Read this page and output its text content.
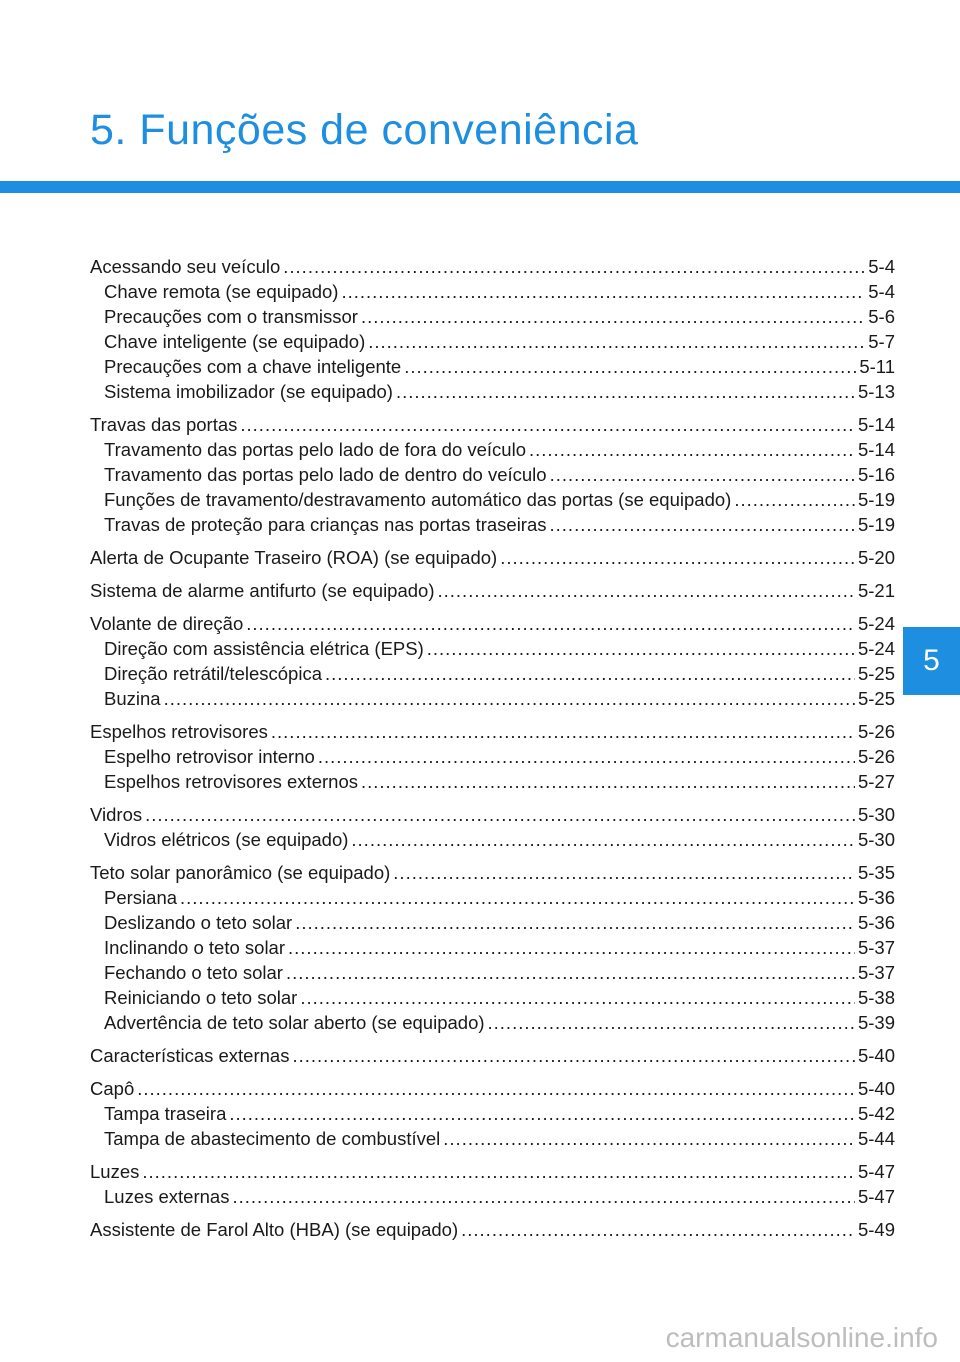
5. Funções de conveniência
5
Acessando seu veículo .....	5-4
Chave remota (se equipado) .....	5-4
Precauções com o transmissor .....	5-6
Chave inteligente (se equipado) .....	5-7
Precauções com a chave inteligente .....	5-11
Sistema imobilizador (se equipado) .....	5-13
Travas das portas .....	5-14
Travamento das portas pelo lado de fora do veículo .....	5-14
Travamento das portas pelo lado de dentro do veículo .....	5-16
Funções de travamento/destravamento automático das portas (se equipado) .....	5-19
Travas de proteção para crianças nas portas traseiras .....	5-19
Alerta de Ocupante Traseiro (ROA) (se equipado) .....	5-20
Sistema de alarme antifurto (se equipado) .....	5-21
Volante de direção .....	5-24
Direção com assistência elétrica (EPS) .....	5-24
Direção retrátil/telescópica .....	5-25
Buzina .....	5-25
Espelhos retrovisores .....	5-26
Espelho retrovisor interno .....	5-26
Espelhos retrovisores externos .....	5-27
Vidros .....	5-30
Vidros elétricos (se equipado) .....	5-30
Teto solar panorâmico (se equipado) .....	5-35
Persiana .....	5-36
Deslizando o teto solar .....	5-36
Inclinando o teto solar .....	5-37
Fechando o teto solar .....	5-37
Reiniciando o teto solar .....	5-38
Advertência de teto solar aberto (se equipado) .....	5-39
Características externas .....	5-40
Capô .....	5-40
Tampa traseira .....	5-42
Tampa de abastecimento de combustível .....	5-44
Luzes .....	5-47
Luzes externas .....	5-47
Assistente de Farol Alto (HBA) (se equipado) .....	5-49
carmanualsonline.info
